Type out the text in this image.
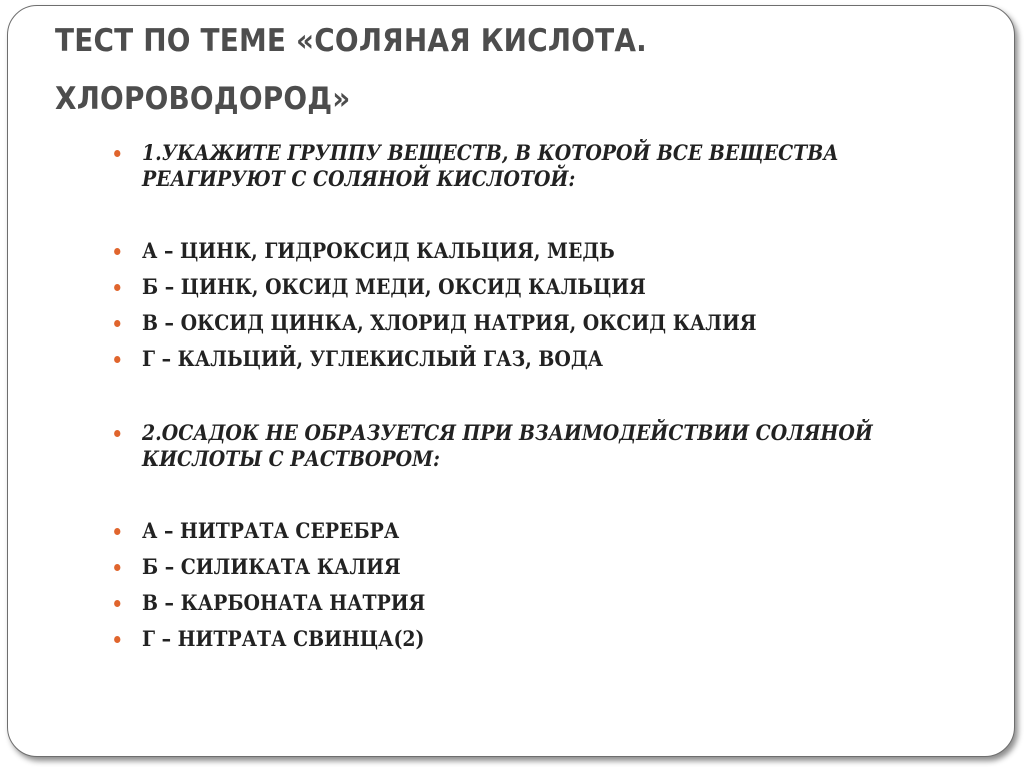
ТЕСТ ПО ТЕМЕ «СОЛЯНАЯ КИСЛОТА.
ХЛОРОВОДОРОД»
1.УКАЖИТЕ ГРУППУ ВЕЩЕСТВ, В КОТОРОЙ ВСЕ ВЕЩЕСТВА
РЕАГИРУЮТ С СОЛЯНОЙ КИСЛОТОЙ:
А – ЦИНК, ГИДРОКСИД КАЛЬЦИЯ, МЕДЬ
Б – ЦИНК, ОКСИД МЕДИ, ОКСИД КАЛЬЦИЯ
В – ОКСИД ЦИНКА, ХЛОРИД НАТРИЯ, ОКСИД КАЛИЯ
Г – КАЛЬЦИЙ, УГЛЕКИСЛЫЙ ГАЗ, ВОДА
2.ОСАДОК НЕ ОБРАЗУЕТСЯ ПРИ ВЗАИМОДЕЙСТВИИ СОЛЯНОЙ
КИСЛОТЫ С РАСТВОРОМ:
А – НИТРАТА СЕРЕБРА
Б – СИЛИКАТА КАЛИЯ
В – КАРБОНАТА НАТРИЯ
Г – НИТРАТА СВИНЦА(2)
